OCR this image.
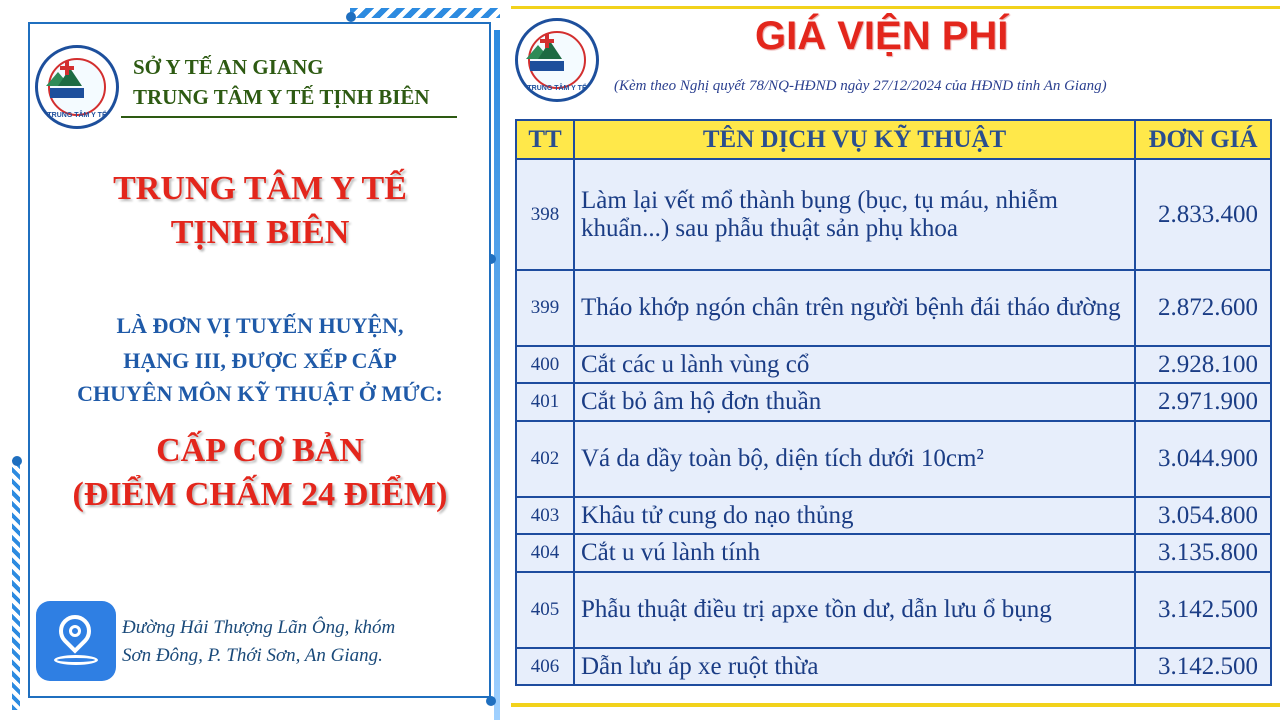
TRUNG TÂM Y TẾ
SỞ Y TẾ AN GIANG
TRUNG TÂM Y TẾ TỊNH BIÊN
TRUNG TÂM Y TẾ
TỊNH BIÊN
LÀ ĐƠN VỊ TUYẾN HUYỆN,
HẠNG III, ĐƯỢC XẾP CẤP
CHUYÊN MÔN KỸ THUẬT Ở MỨC:
CẤP CƠ BẢN
(ĐIỂM CHẤM 24 ĐIỂM)
Đường Hải Thượng Lãn Ông, khóm
Sơn Đông, P. Thới Sơn, An Giang.
TRUNG TÂM Y TẾ
GIÁ VIỆN PHÍ
(Kèm theo Nghị quyết 78/NQ-HĐND ngày 27/12/2024 của HĐND tỉnh An Giang)
TT	TÊN DỊCH VỤ KỸ THUẬT	ĐƠN GIÁ
398	Làm lại vết mổ thành bụng (bục, tụ máu, nhiễm khuẩn...) sau phẫu thuật sản phụ khoa	2.833.400
399	Tháo khớp ngón chân trên người bệnh đái tháo đường	2.872.600
400	Cắt các u lành vùng cổ	2.928.100
401	Cắt bỏ âm hộ đơn thuần	2.971.900
402	Vá da dầy toàn bộ, diện tích dưới 10cm²	3.044.900
403	Khâu tử cung do nạo thủng	3.054.800
404	Cắt u vú lành tính	3.135.800
405	Phẫu thuật điều trị apxe tồn dư, dẫn lưu ổ bụng	3.142.500
406	Dẫn lưu áp xe ruột thừa	3.142.500
